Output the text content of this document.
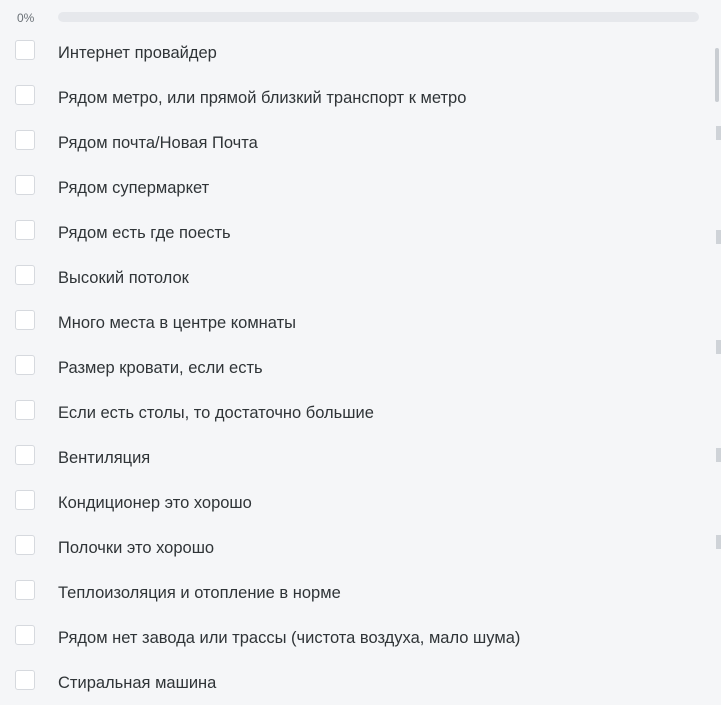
0%
Интернет провайдер
Рядом метро, или прямой близкий транспорт к метро
Рядом почта/Новая Почта
Рядом супермаркет
Рядом есть где поесть
Высокий потолок
Много места в центре комнаты
Размер кровати, если есть
Если есть столы, то достаточно большие
Вентиляция
Кондиционер это хорошо
Полочки это хорошо
Теплоизоляция и отопление в норме
Рядом нет завода или трассы (чистота воздуха, мало шума)
Стиральная машина
